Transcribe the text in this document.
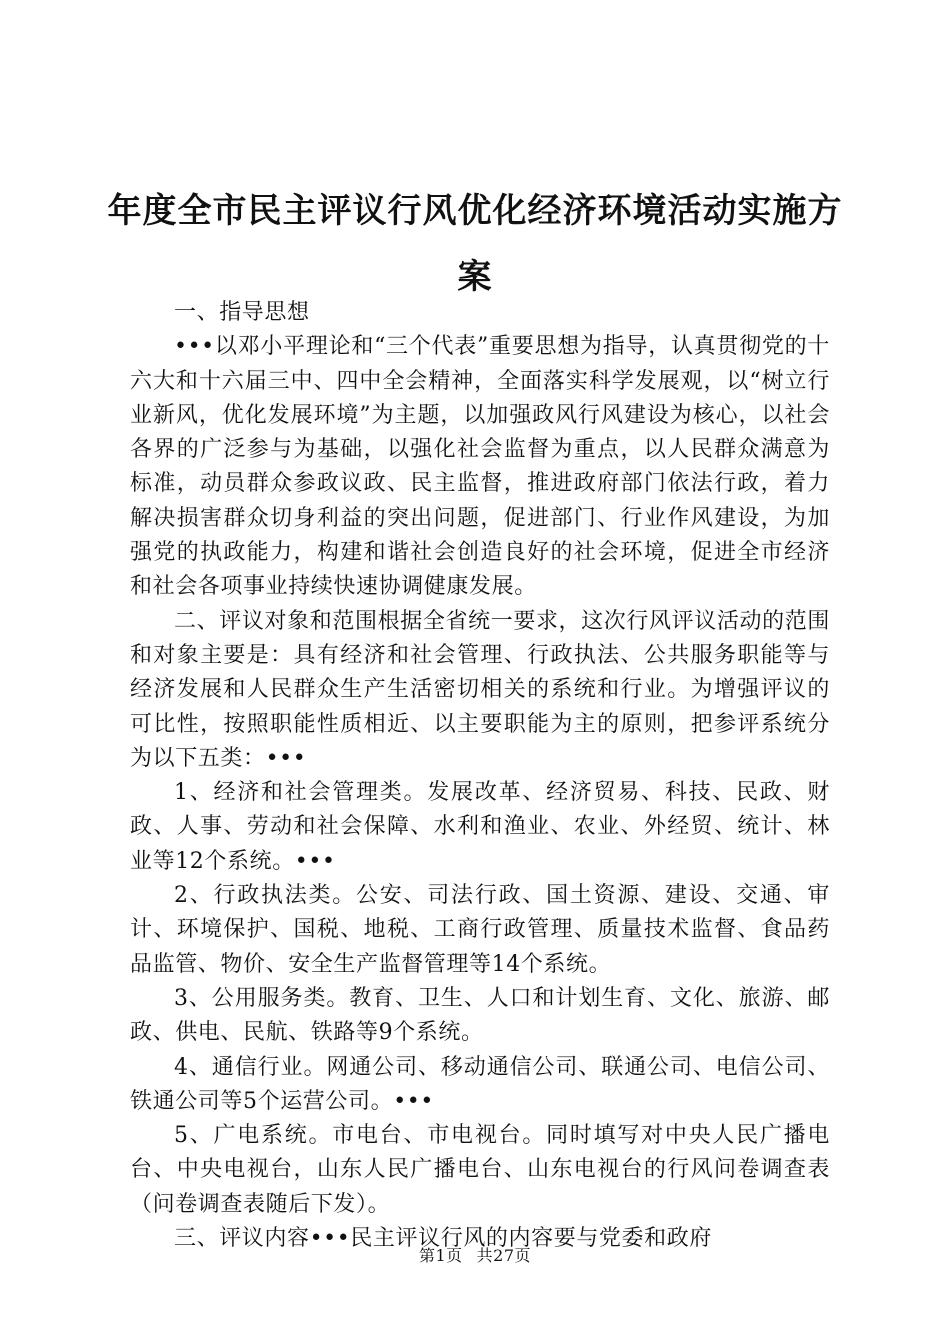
年度全市民主评议行风优化经济环境活动实施方案

一、指导思想

•••以邓小平理论和“三个代表”重要思想为指导，认真贯彻党的十六大和十六届三中、四中全会精神，全面落实科学发展观，以“树立行业新风，优化发展环境”为主题，以加强政风行风建设为核心，以社会各界的广泛参与为基础，以强化社会监督为重点，以人民群众满意为标准，动员群众参政议政、民主监督，推进政府部门依法行政，着力解决损害群众切身利益的突出问题，促进部门、行业作风建设，为加强党的执政能力，构建和谐社会创造良好的社会环境，促进全市经济和社会各项事业持续快速协调健康发展。

二、评议对象和范围根据全省统一要求，这次行风评议活动的范围和对象主要是：具有经济和社会管理、行政执法、公共服务职能等与经济发展和人民群众生产生活密切相关的系统和行业。为增强评议的可比性，按照职能性质相近、以主要职能为主的原则，把参评系统分为以下五类：•••

1、经济和社会管理类。发展改革、经济贸易、科技、民政、财政、人事、劳动和社会保障、水利和渔业、农业、外经贸、统计、林业等12个系统。•••

2、行政执法类。公安、司法行政、国土资源、建设、交通、审计、环境保护、国税、地税、工商行政管理、质量技术监督、食品药品监管、物价、安全生产监督管理等14个系统。

3、公用服务类。教育、卫生、人口和计划生育、文化、旅游、邮政、供电、民航、铁路等9个系统。

4、通信行业。网通公司、移动通信公司、联通公司、电信公司、铁通公司等5个运营公司。•••

5、广电系统。市电台、市电视台。同时填写对中央人民广播电台、中央电视台，山东人民广播电台、山东电视台的行风问卷调查表（问卷调查表随后下发）。

三、评议内容•••民主评议行风的内容要与党委和政府

第1页 共27页
